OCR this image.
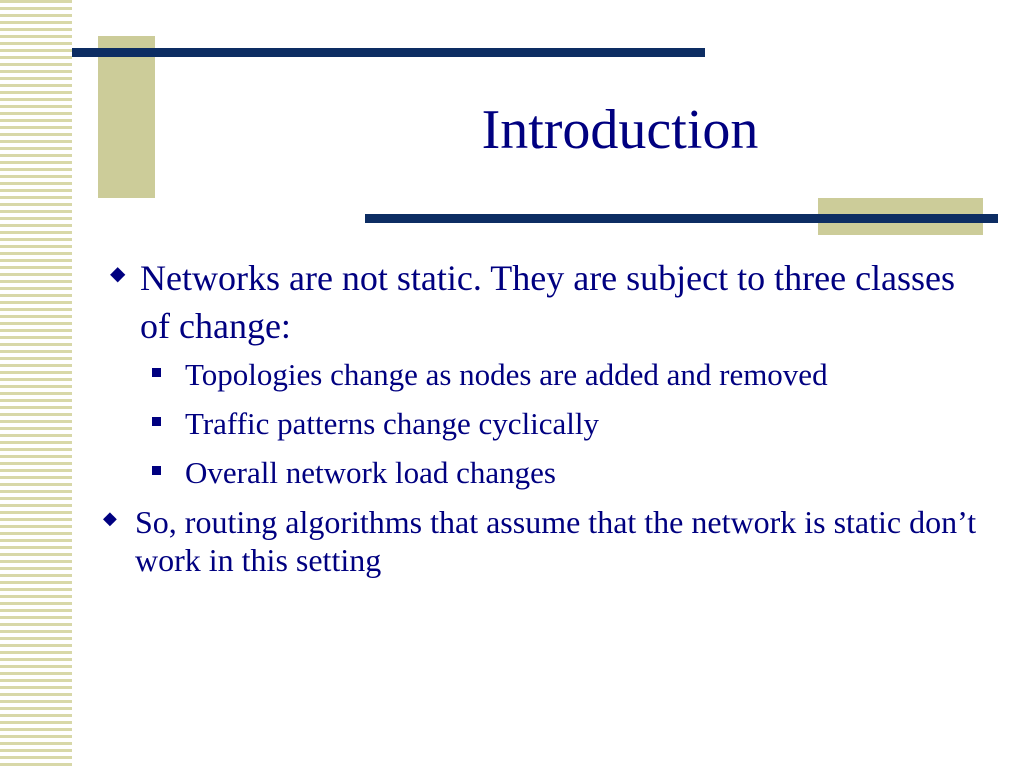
Introduction
◆ Networks are not static. They are subject to three classes of change:
Topologies change as nodes are added and removed
Traffic patterns change cyclically
Overall network load changes
◆ So, routing algorithms that assume that the network is static don’t work in this setting
